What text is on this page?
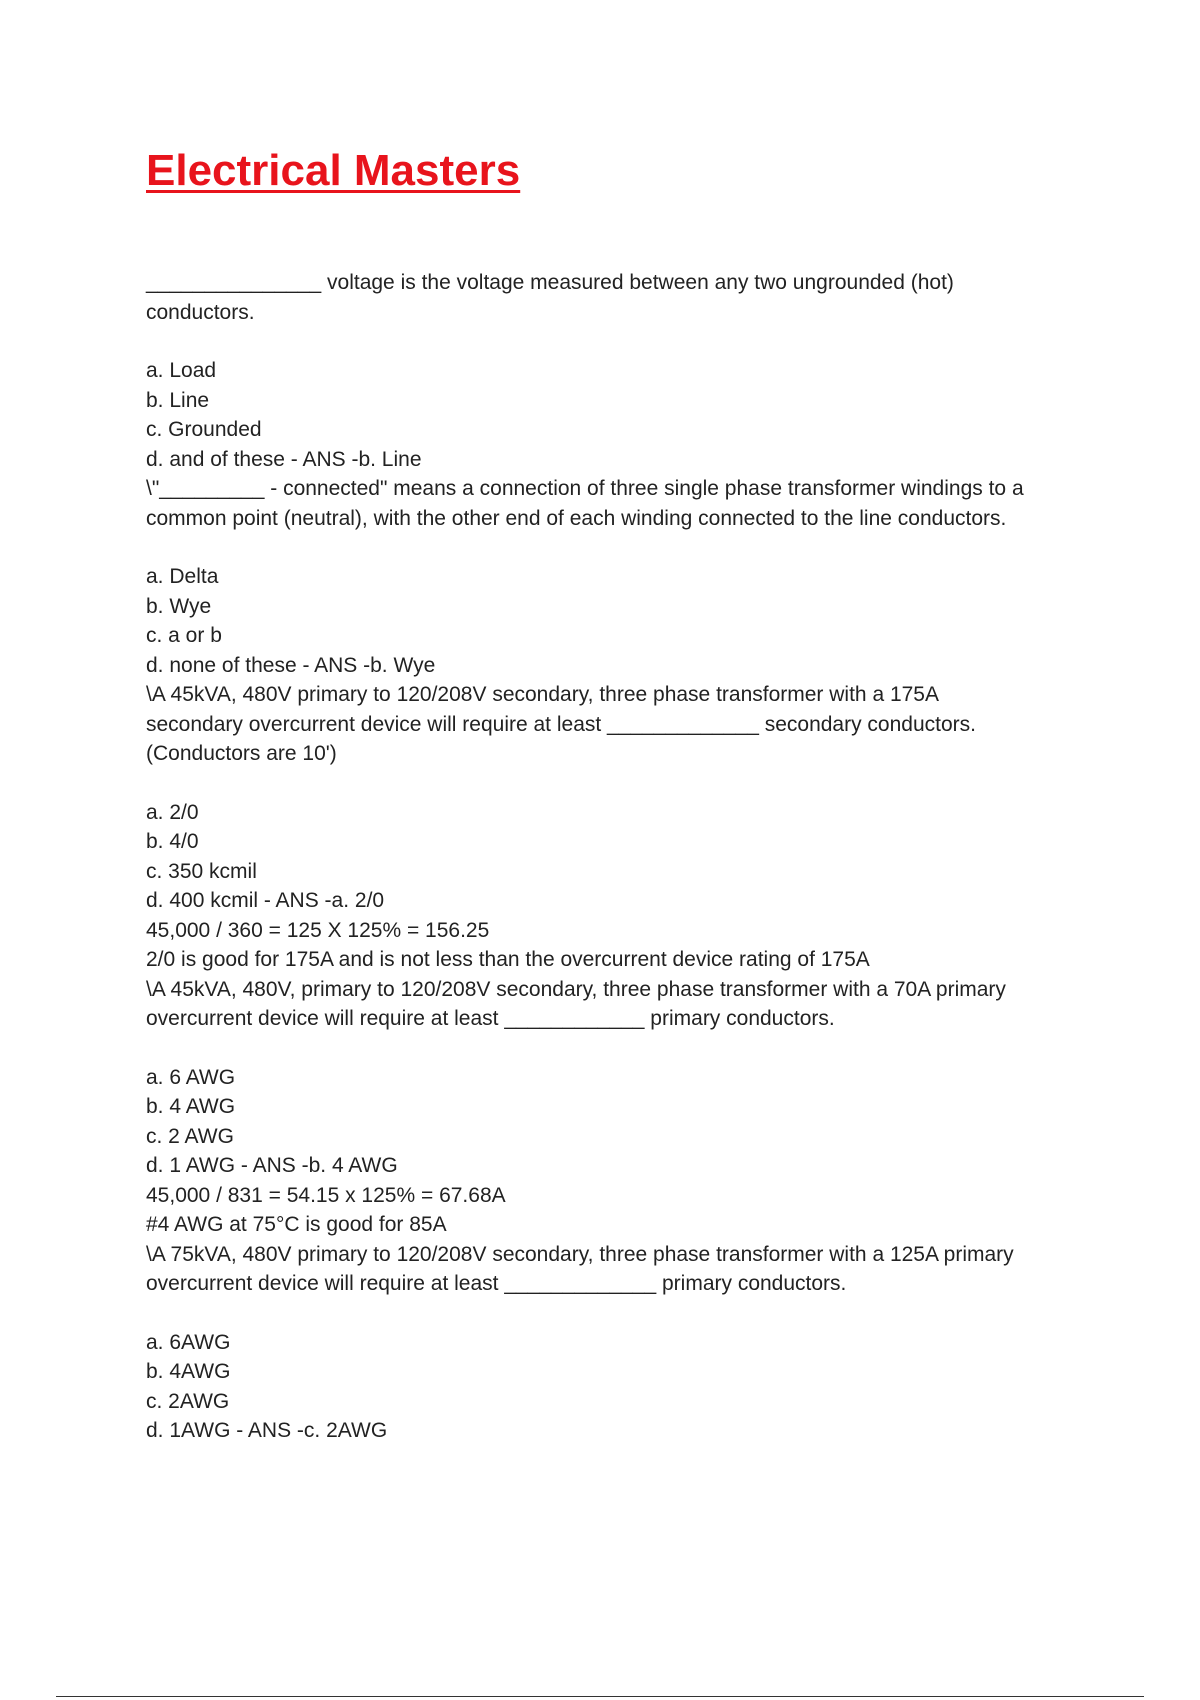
Electrical Masters

_______________ voltage is the voltage measured between any two ungrounded (hot)

conductors.

a. Load

b. Line

c. Grounded

d. and of these - ANS -b. Line

\"_________ - connected" means a connection of three single phase transformer windings to a

common point (neutral), with the other end of each winding connected to the line conductors.

a. Delta

b. Wye

c. a or b

d. none of these - ANS -b. Wye

\A 45kVA, 480V primary to 120/208V secondary, three phase transformer with a 175A

secondary overcurrent device will require at least _____________ secondary conductors.

(Conductors are 10')

a. 2/0

b. 4/0

c. 350 kcmil

d. 400 kcmil - ANS -a. 2/0

45,000 / 360 = 125 X 125% = 156.25

2/0 is good for 175A and is not less than the overcurrent device rating of 175A

\A 45kVA, 480V, primary to 120/208V secondary, three phase transformer with a 70A primary

overcurrent device will require at least ____________ primary conductors.

a. 6 AWG

b. 4 AWG

c. 2 AWG

d. 1 AWG - ANS -b. 4 AWG

45,000 / 831 = 54.15 x 125% = 67.68A

#4 AWG at 75°C is good for 85A

\A 75kVA, 480V primary to 120/208V secondary, three phase transformer with a 125A primary

overcurrent device will require at least _____________ primary conductors.

a. 6AWG

b. 4AWG

c. 2AWG

d. 1AWG - ANS -c. 2AWG
